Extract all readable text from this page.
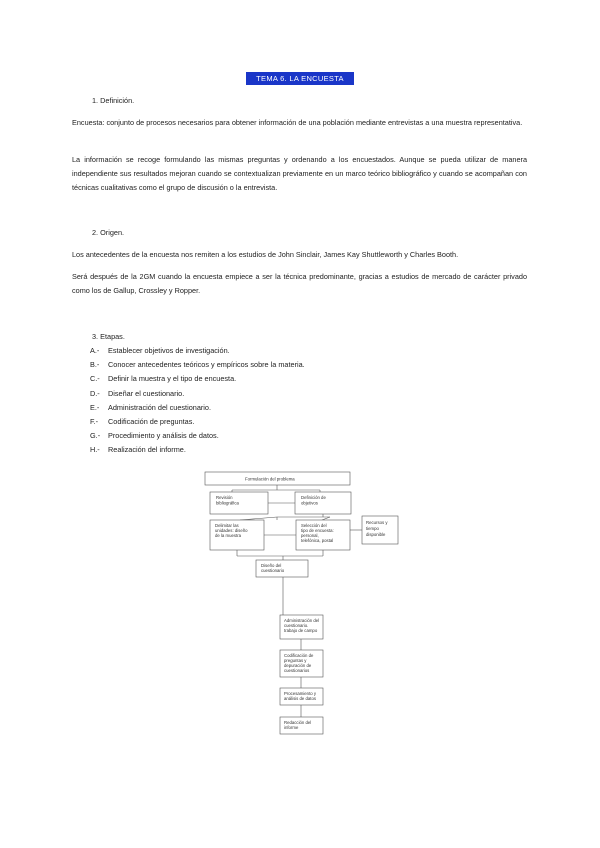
TEMA 6. LA ENCUESTA
1. Definición.
Encuesta: conjunto de procesos necesarios para obtener información de una población mediante entrevistas a una muestra representativa.
La información se recoge formulando las mismas preguntas y ordenando a los encuestados. Aunque se pueda utilizar de manera independiente sus resultados mejoran cuando se contextualizan previamente en un marco teórico bibliográfico y cuando se acompañan con técnicas cualitativas como el grupo de discusión o la entrevista.
2. Origen.
Los antecedentes de la encuesta nos remiten a los estudios de John Sinclair, James Kay Shuttleworth y Charles Booth.
Será después de la 2GM cuando la encuesta empiece a ser la técnica predominante, gracias a estudios de mercado de carácter privado como los de Gallup, Crossley y Ropper.
3. Etapas.
A.- Establecer objetivos de investigación.
B.- Conocer antecedentes teóricos y empíricos sobre la materia.
C.- Definir la muestra y el tipo de encuesta.
D.- Diseñar el cuestionario.
E.- Administración del cuestionario.
F.- Codificación de preguntas.
G.- Procedimiento y análisis de datos.
H.- Realización del informe.
Formulación del problema
Revisión
bibliográfica
Definición de
objetivos
Delimitar las
unidades: diseño
de la muestra
Selección del
tipo de encuesta:
personal,
telefónica, postal
Recursos y
tiempo
disponible
Diseño del
cuestionario
Administración del
cuestionario.
trabajo de campo
Codificación de
preguntas y
depuración de
cuestionarios
Procesamiento y
análisis de datos
Redacción del
informe
